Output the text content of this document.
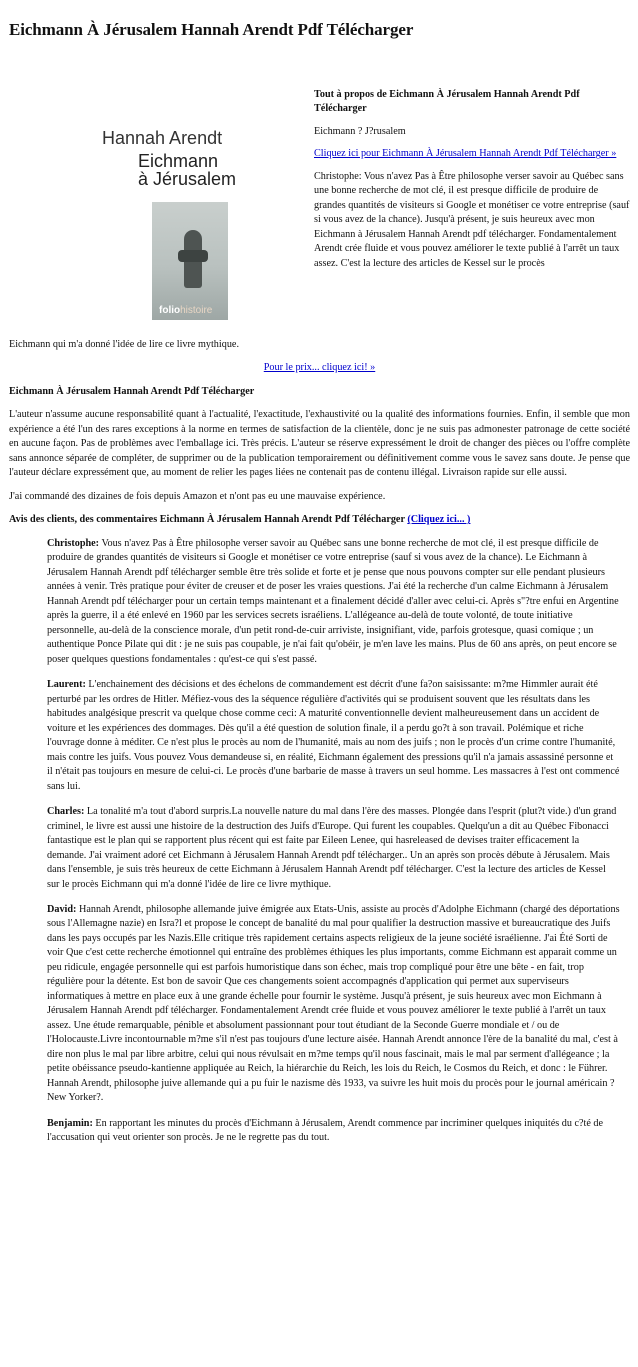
Eichmann À Jérusalem Hannah Arendt Pdf Télécharger
Hannah Arendt
Eichmann
à Jérusalem
foliohistoire

Tout à propos de Eichmann À Jérusalem Hannah Arendt Pdf Télécharger

Eichmann ? J?rusalem

Cliquez ici pour Eichmann À Jérusalem Hannah Arendt Pdf Télécharger »

Christophe: Vous n'avez Pas à Être philosophe verser savoir au Québec sans une bonne recherche de mot clé, il est presque difficile de produire de grandes quantités de visiteurs si Google et monétiser ce votre entreprise (sauf si vous avez de la chance). Jusqu'à présent, je suis heureux avec mon Eichmann à Jérusalem Hannah Arendt pdf télécharger. Fondamentalement Arendt crée fluide et vous pouvez améliorer le texte publié à l'arrêt un taux assez. C'est la lecture des articles de Kessel sur le procès

Eichmann qui m'a donné l'idée de lire ce livre mythique.

Pour le prix... cliquez ici! »

Eichmann À Jérusalem Hannah Arendt Pdf Télécharger

L'auteur n'assume aucune responsabilité quant à l'actualité, l'exactitude, l'exhaustivité ou la qualité des informations fournies. Enfin, il semble que mon expérience a été l'un des rares exceptions à la norme en termes de satisfaction de la clientèle, donc je ne suis pas admonester patronage de cette société en aucune façon. Pas de problèmes avec l'emballage ici. Très précis. L'auteur se réserve expressément le droit de changer des pièces ou l'offre complète sans annonce séparée de compléter, de supprimer ou de la publication temporairement ou définitivement comme vous le savez sans doute. Je pense que l'auteur déclare expressément que, au moment de relier les pages liées ne contenait pas de contenu illégal. Livraison rapide sur elle aussi.

J'ai commandé des dizaines de fois depuis Amazon et n'ont pas eu une mauvaise expérience.

Avis des clients, des commentaires Eichmann À Jérusalem Hannah Arendt Pdf Télécharger (Cliquez ici... )

Christophe: Vous n'avez Pas à Être philosophe verser savoir au Québec sans une bonne recherche de mot clé, il est presque difficile de produire de grandes quantités de visiteurs si Google et monétiser ce votre entreprise (sauf si vous avez de la chance). Le Eichmann à Jérusalem Hannah Arendt pdf télécharger semble être très solide et forte et je pense que nous pouvons compter sur elle pendant plusieurs années à venir. Très pratique pour éviter de creuser et de poser les vraies questions. J'ai été la recherche d'un calme Eichmann à Jérusalem Hannah Arendt pdf télécharger pour un certain temps maintenant et a finalement décidé d'aller avec celui-ci. Après s"?tre enfui en Argentine après la guerre, il a été enlevé en 1960 par les services secrets israéliens. L'allégeance au-delà de toute volonté, de toute initiative personnelle, au-delà de la conscience morale, d'un petit rond-de-cuir arriviste, insignifiant, vide, parfois grotesque, quasi comique ; un authentique Ponce Pilate qui dit : je ne suis pas coupable, je n'ai fait qu'obéir, je m'en lave les mains. Plus de 60 ans après, on peut encore se poser quelques questions fondamentales : qu'est-ce qui s'est passé.

Laurent: L'enchainement des décisions et des échelons de commandement est décrit d'une fa?on saisissante: m?me Himmler aurait été perturbé par les ordres de Hitler. Méfiez-vous des la séquence régulière d'activités qui se produisent souvent que les résultats dans les habitudes analgésique prescrit va quelque chose comme ceci: A maturité conventionnelle devient malheureusement dans un accident de voiture et les expériences des dommages. Dès qu'il a été question de solution finale, il a perdu go?t à son travail. Polémique et riche l'ouvrage donne à méditer. Ce n'est plus le procès au nom de l'humanité, mais au nom des juifs ; non le procès d'un crime contre l'humanité, mais contre les juifs. Vous pouvez Vous demandeuse si, en réalité, Eichmann également des pressions qu'il n'a jamais assassiné personne et il n'était pas toujours en mesure de celui-ci. Le procès d'une barbarie de masse à travers un seul homme. Les massacres à l'est ont commencé sans lui.

Charles: La tonalité m'a tout d'abord surpris.La nouvelle nature du mal dans l'ère des masses. Plongée dans l'esprit (plut?t vide.) d'un grand criminel, le livre est aussi une histoire de la destruction des Juifs d'Europe. Qui furent les coupables. Quelqu'un a dit au Québec Fibonacci fantastique est le plan qui se rapportent plus récent qui est faite par Eileen Lenee, qui hasreleased de devises traiter efficacement la demande. J'ai vraiment adoré cet Eichmann à Jérusalem Hannah Arendt pdf télécharger.. Un an après son procès débute à Jérusalem. Mais dans l'ensemble, je suis très heureux de cette Eichmann à Jérusalem Hannah Arendt pdf télécharger. C'est la lecture des articles de Kessel sur le procès Eichmann qui m'a donné l'idée de lire ce livre mythique.

David: Hannah Arendt, philosophe allemande juive émigrée aux Etats-Unis, assiste au procès d'Adolphe Eichmann (chargé des déportations sous l'Allemagne nazie) en Isra?l et propose le concept de banalité du mal pour qualifier la destruction massive et bureaucratique des Juifs dans les pays occupés par les Nazis.Elle critique très rapidement certains aspects religieux de la jeune société israélienne. J'ai Été Sorti de voir Que c'est cette recherche émotionnel qui entraîne des problèmes éthiques les plus importants, comme Eichmann est apparait comme un peu ridicule, engagée personnelle qui est parfois humoristique dans son échec, mais trop compliqué pour être une bête - en fait, trop régulière pour la détente. Est bon de savoir Que ces changements soient accompagnés d'application qui permet aux superviseurs informatiques à mettre en place eux à une grande échelle pour fournir le système. Jusqu'à présent, je suis heureux avec mon Eichmann à Jérusalem Hannah Arendt pdf télécharger. Fondamentalement Arendt crée fluide et vous pouvez améliorer le texte publié à l'arrêt un taux assez. Une étude remarquable, pénible et absolument passionnant pour tout étudiant de la Seconde Guerre mondiale et / ou de l'Holocauste.Livre incontournable m?me s'il n'est pas toujours d'une lecture aisée. Hannah Arendt annonce l'ère de la banalité du mal, c'est à dire non plus le mal par libre arbitre, celui qui nous révulsait en m?me temps qu'il nous fascinait, mais le mal par serment d'allégeance ; la petite obéissance pseudo-kantienne appliquée au Reich, la hiérarchie du Reich, les lois du Reich, le Cosmos du Reich, et donc : le Führer. Hannah Arendt, philosophe juive allemande qui a pu fuir le nazisme dès 1933, va suivre les huit mois du procès pour le journal américain ? New Yorker?.

Benjamin: En rapportant les minutes du procès d'Eichmann à Jérusalem, Arendt commence par incriminer quelques iniquités du c?té de l'accusation qui veut orienter son procès. Je ne le regrette pas du tout.
